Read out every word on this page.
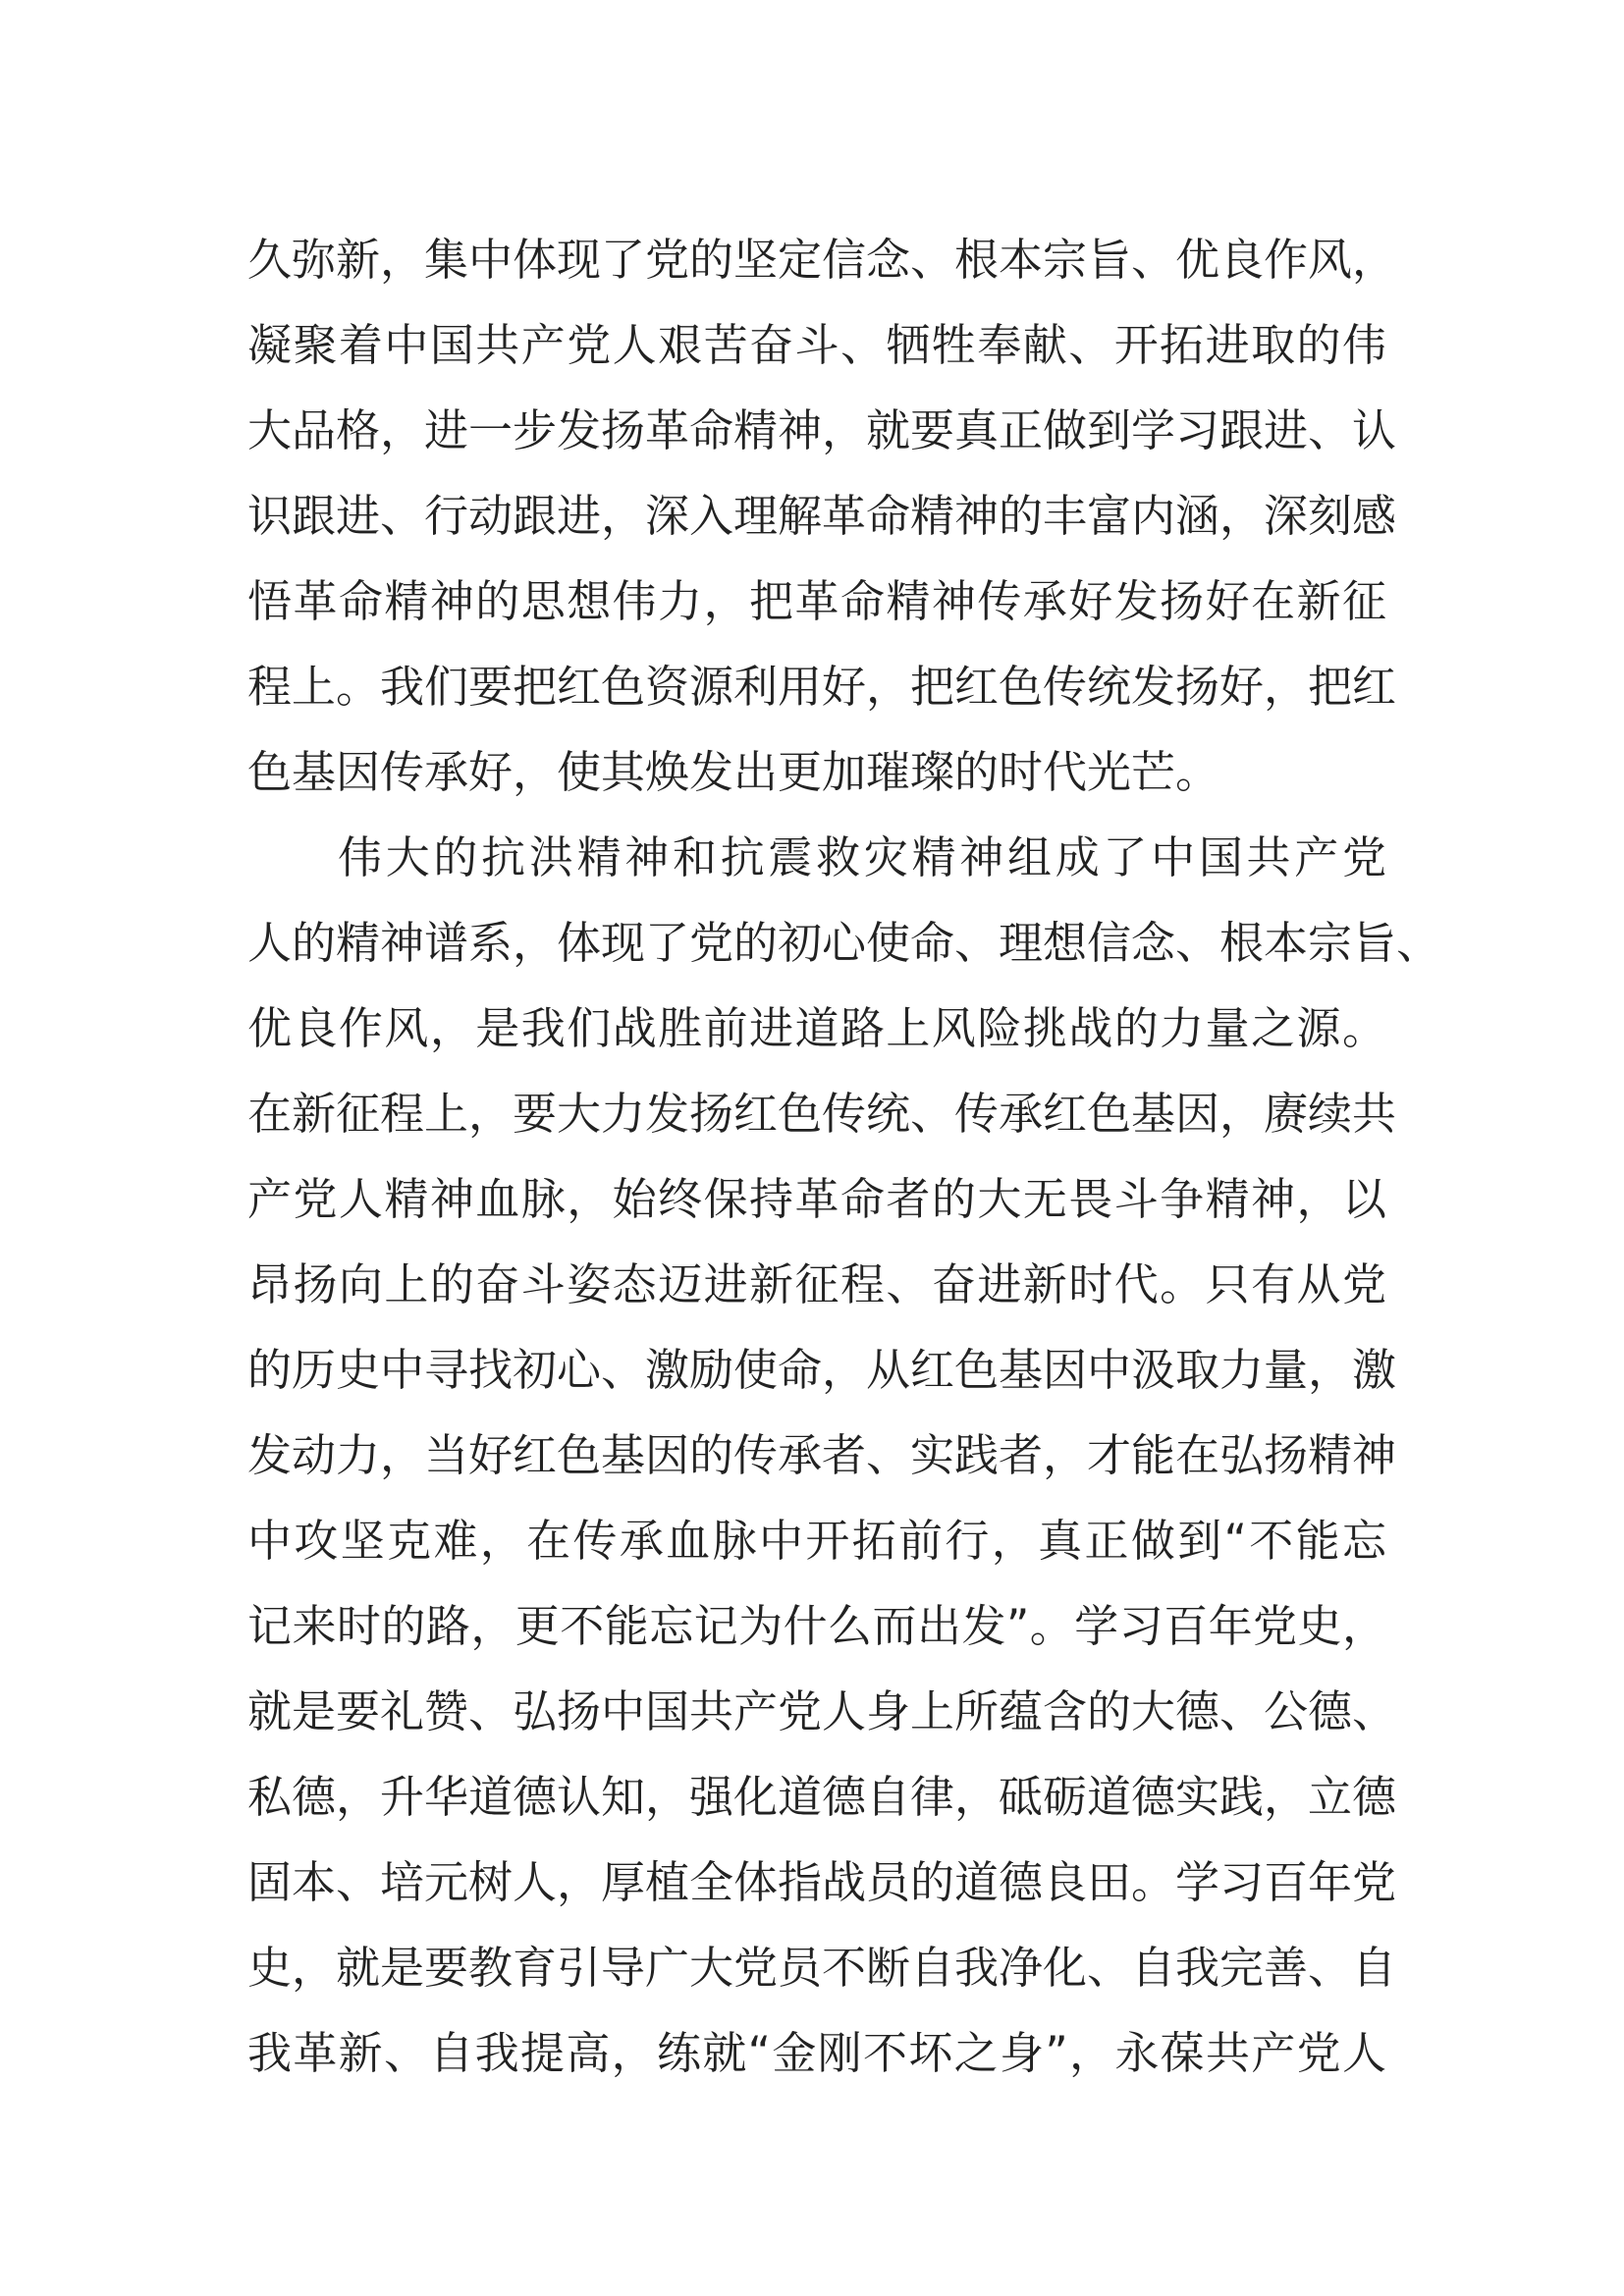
久弥新，集中体现了党的坚定信念、根本宗旨、优良作风，
凝聚着中国共产党人艰苦奋斗、牺牲奉献、开拓进取的伟
大品格，进一步发扬革命精神，就要真正做到学习跟进、认
识跟进、行动跟进，深入理解革命精神的丰富内涵，深刻感
悟革命精神的思想伟力，把革命精神传承好发扬好在新征
程上。我们要把红色资源利用好，把红色传统发扬好，把红
色基因传承好，使其焕发出更加璀璨的时代光芒。
伟大的抗洪精神和抗震救灾精神组成了中国共产党
人的精神谱系，体现了党的初心使命、理想信念、根本宗旨、
优良作风，是我们战胜前进道路上风险挑战的力量之源。
在新征程上，要大力发扬红色传统、传承红色基因，赓续共
产党人精神血脉，始终保持革命者的大无畏斗争精神，以
昂扬向上的奋斗姿态迈进新征程、奋进新时代。只有从党
的历史中寻找初心、激励使命，从红色基因中汲取力量，激
发动力，当好红色基因的传承者、实践者，才能在弘扬精神
中攻坚克难，在传承血脉中开拓前行，真正做到“不能忘
记来时的路，更不能忘记为什么而出发”。学习百年党史，
就是要礼赞、弘扬中国共产党人身上所蕴含的大德、公德、
私德，升华道德认知，强化道德自律，砥砺道德实践，立德
固本、培元树人，厚植全体指战员的道德良田。学习百年党
史，就是要教育引导广大党员不断自我净化、自我完善、自
我革新、自我提高，练就“金刚不坏之身”，永葆共产党人
